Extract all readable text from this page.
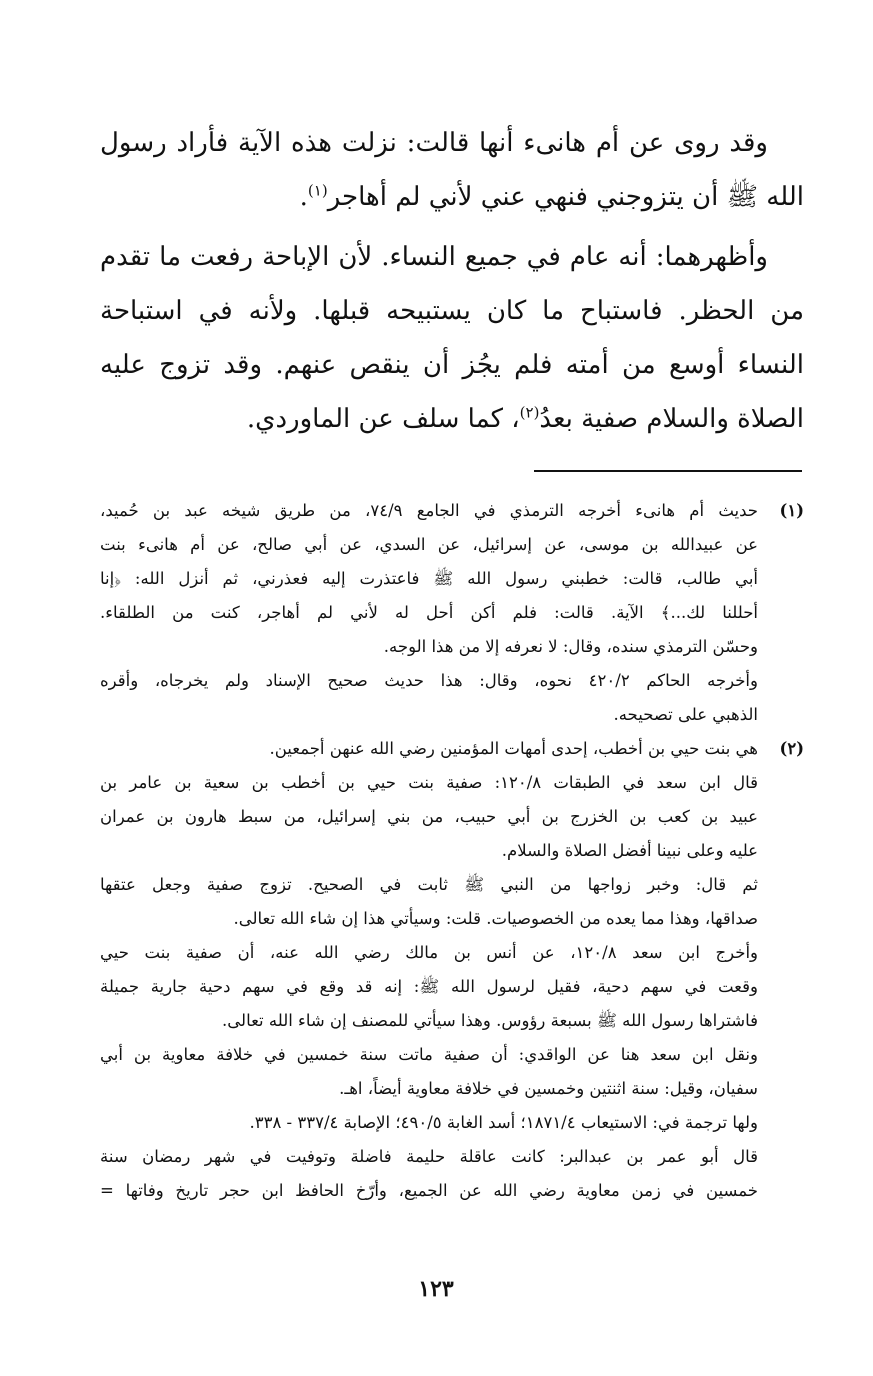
وقد روى عن أم هانىء أنها قالت: نزلت هذه الآية فأراد رسول الله ﷺ أن يتزوجني فنهي عني لأني لم أهاجر$^{(١)}$.

وأظهرهما: أنه عام في جميع النساء. لأن الإباحة رفعت ما تقدم من الحظر. فاستباح ما كان يستبيحه قبلها. ولأنه في استباحة النساء أوسع من أمته فلم يجُز أن ينقص عنهم. وقد تزوج عليه الصلاة والسلام صفية بعدُ$^{(٢)}$، كما سلف عن الماوردي.

(١)
حديث أم هانىء أخرجه الترمذي في الجامع ٧٤/٩، من طريق شيخه عبد بن حُميد،
عن عبيدالله بن موسى، عن إسرائيل، عن السدي، عن أبي صالح، عن أم هانىء بنت
أبي طالب، قالت: خطبني رسول الله ﷺ فاعتذرت إليه فعذرني، ثم أنزل الله: ﴿إنا
أحللنا لك...﴾ الآية. قالت: فلم أكن أحل له لأني لم أهاجر، كنت من الطلقاء.
وحسّن الترمذي سنده، وقال: لا نعرفه إلا من هذا الوجه.
وأخرجه الحاكم ٤٢٠/٢ نحوه، وقال: هذا حديث صحيح الإسناد ولم يخرجاه، وأقره
الذهبي على تصحيحه.
(٢)
هي بنت حيي بن أخطب، إحدى أمهات المؤمنين رضي الله عنهن أجمعين.
قال ابن سعد في الطبقات ١٢٠/٨: صفية بنت حيي بن أخطب بن سعية بن عامر بن
عبيد بن كعب بن الخزرج بن أبي حبيب، من بني إسرائيل، من سبط هارون بن عمران
عليه وعلى نبينا أفضل الصلاة والسلام.
ثم قال: وخبر زواجها من النبي ﷺ ثابت في الصحيح. تزوج صفية وجعل عتقها
صداقها، وهذا مما يعده من الخصوصيات. قلت: وسيأتي هذا إن شاء الله تعالى.
وأخرج ابن سعد ١٢٠/٨، عن أنس بن مالك رضي الله عنه، أن صفية بنت حيي
وقعت في سهم دحية، فقيل لرسول الله ﷺ: إنه قد وقع في سهم دحية جارية جميلة
فاشتراها رسول الله ﷺ بسبعة رؤوس. وهذا سيأتي للمصنف إن شاء الله تعالى.
ونقل ابن سعد هنا عن الواقدي: أن صفية ماتت سنة خمسين في خلافة معاوية بن أبي
سفيان، وقيل: سنة اثنتين وخمسين في خلافة معاوية أيضاً، اهـ.
ولها ترجمة في: الاستيعاب ١٨٧١/٤؛ أسد الغابة ٤٩٠/٥؛ الإصابة ٣٣٧/٤ - ٣٣٨.
قال أبو عمر بن عبدالبر: كانت عاقلة حليمة فاضلة وتوفيت في شهر رمضان سنة
خمسين في زمن معاوية رضي الله عن الجميع، وأرّخ الحافظ ابن حجر تاريخ وفاتها =
١٢٣
